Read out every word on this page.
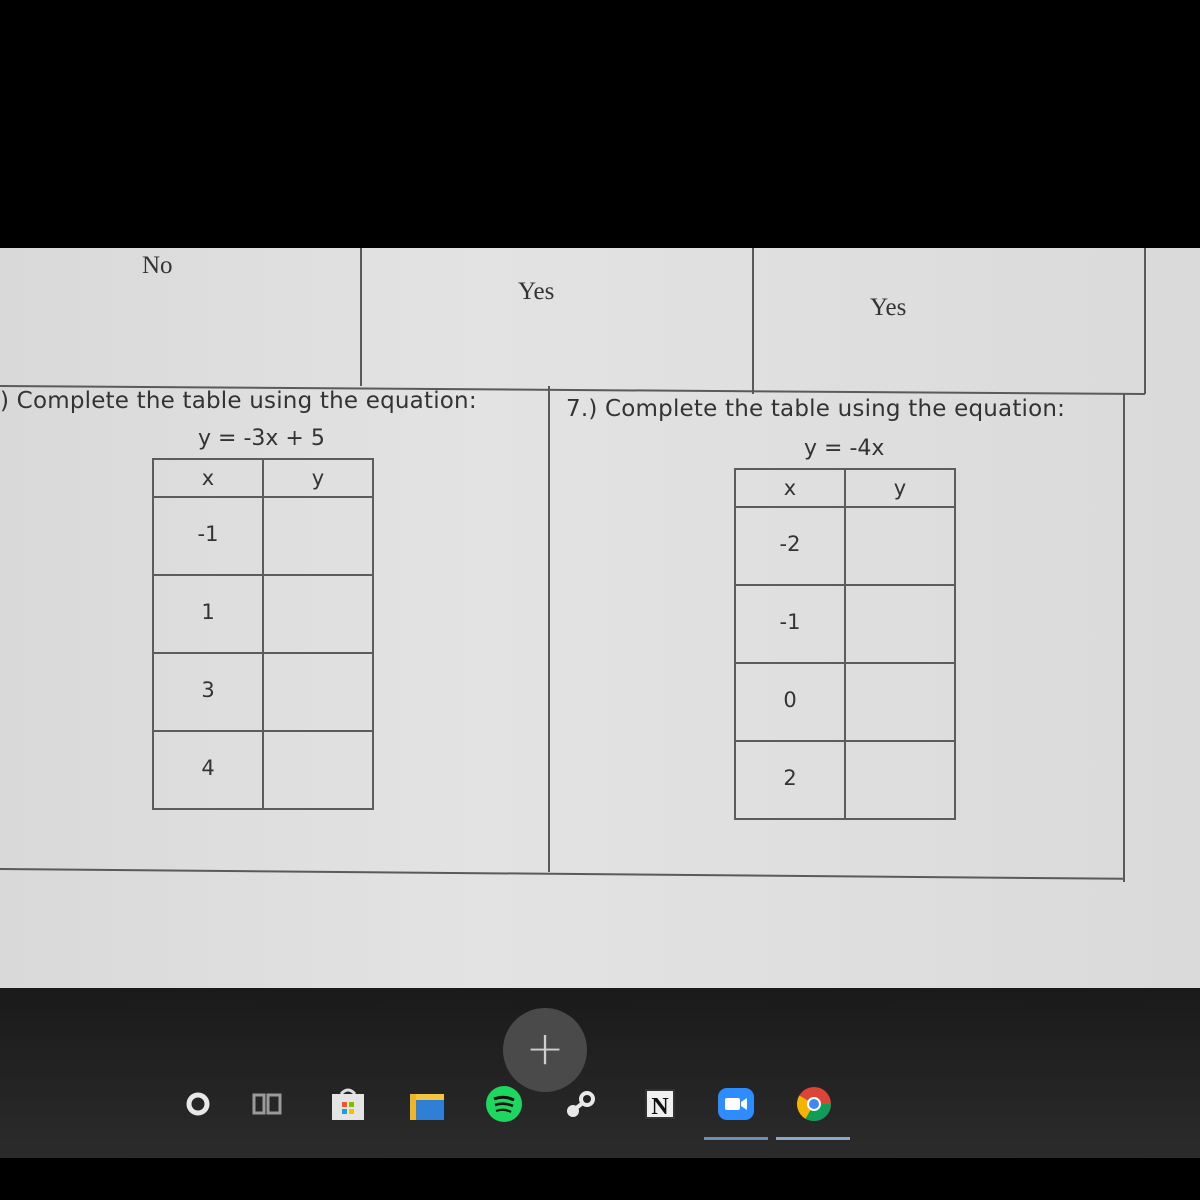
No
Yes
Yes
) Complete the table using the equation:
y = -3x + 5
x	y
-1	
1	
3	
4	
7.) Complete the table using the equation:
y = -4x
x	y
-2	
-1	
0	
2	
+
N
